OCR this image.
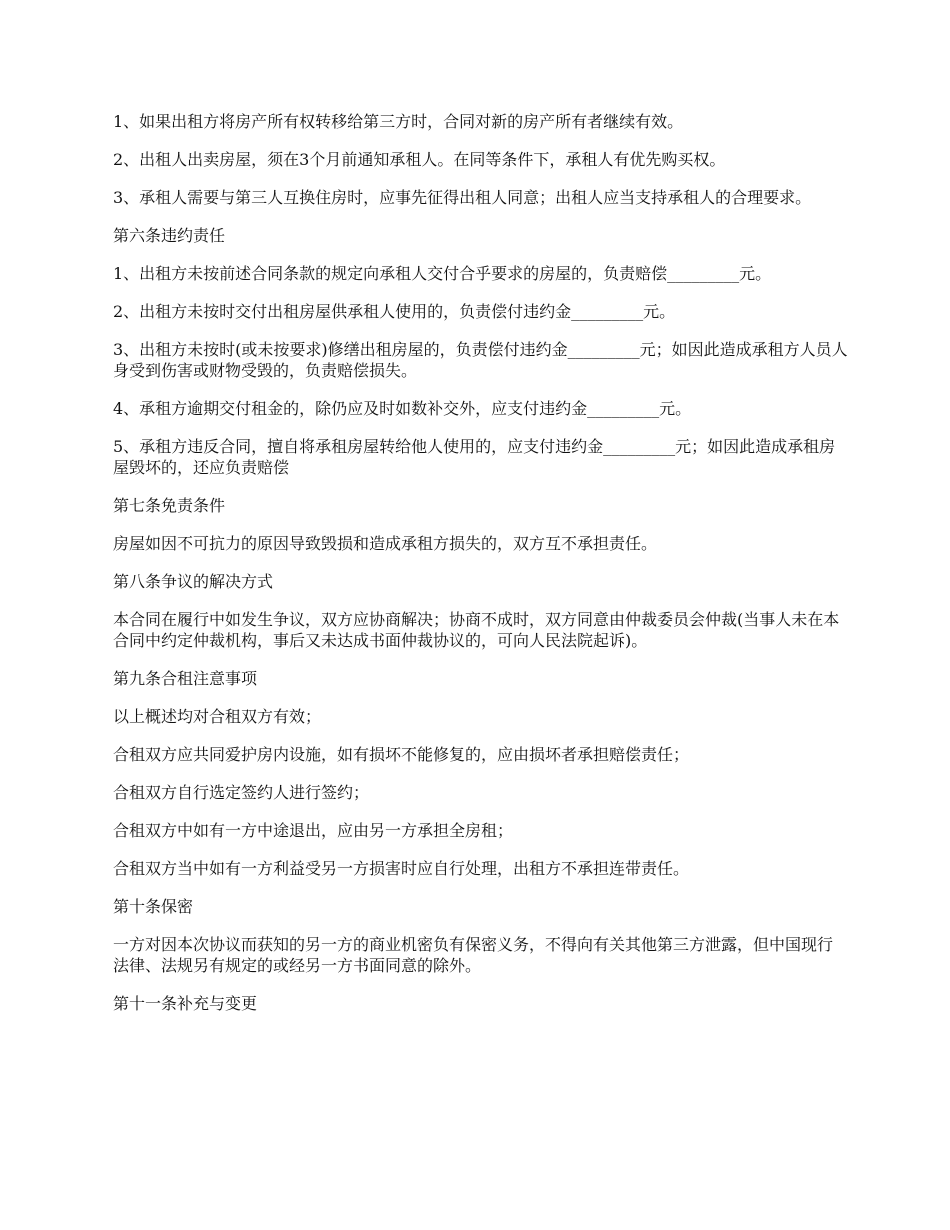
1、如果出租方将房产所有权转移给第三方时，合同对新的房产所有者继续有效。

2、出租人出卖房屋，须在3个月前通知承租人。在同等条件下，承租人有优先购买权。

3、承租人需要与第三人互换住房时，应事先征得出租人同意；出租人应当支持承租人的合理要求。

第六条违约责任

1、出租方未按前述合同条款的规定向承租人交付合乎要求的房屋的，负责赔偿_________元。

2、出租方未按时交付出租房屋供承租人使用的，负责偿付违约金_________元。

3、出租方未按时(或未按要求)修缮出租房屋的，负责偿付违约金_________元；如因此造成承租方人员人身受到伤害或财物受毁的，负责赔偿损失。

4、承租方逾期交付租金的，除仍应及时如数补交外，应支付违约金_________元。

5、承租方违反合同，擅自将承租房屋转给他人使用的，应支付违约金_________元；如因此造成承租房屋毁坏的，还应负责赔偿

第七条免责条件

房屋如因不可抗力的原因导致毁损和造成承租方损失的，双方互不承担责任。

第八条争议的解决方式

本合同在履行中如发生争议，双方应协商解决；协商不成时，双方同意由仲裁委员会仲裁(当事人未在本合同中约定仲裁机构，事后又未达成书面仲裁协议的，可向人民法院起诉)。

第九条合租注意事项

以上概述均对合租双方有效；

合租双方应共同爱护房内设施，如有损坏不能修复的，应由损坏者承担赔偿责任；

合租双方自行选定签约人进行签约；

合租双方中如有一方中途退出，应由另一方承担全房租；

合租双方当中如有一方利益受另一方损害时应自行处理，出租方不承担连带责任。

第十条保密

一方对因本次协议而获知的另一方的商业机密负有保密义务，不得向有关其他第三方泄露，但中国现行法律、法规另有规定的或经另一方书面同意的除外。

第十一条补充与变更
